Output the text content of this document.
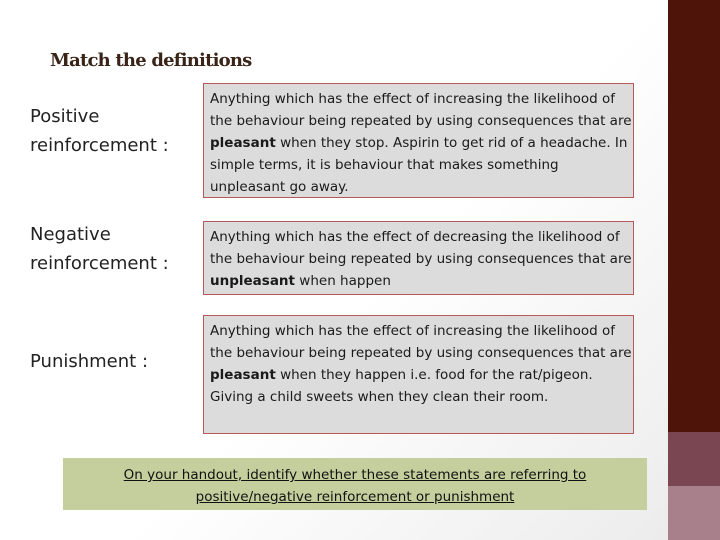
Match the definitions
Positive
reinforcement :
Negative
reinforcement :
Punishment :
Anything which has the effect of increasing the likelihood of the behaviour being repeated by using consequences that are pleasant when they stop. Aspirin to get rid of a headache. In simple terms, it is behaviour that makes something unpleasant go away.
Anything which has the effect of decreasing the likelihood of the behaviour being repeated by using consequences that are unpleasant when happen
Anything which has the effect of increasing the likelihood of the behaviour being repeated by using consequences that are pleasant when they happen i.e. food for the rat/pigeon. Giving a child sweets when they clean their room.
On your handout, identify whether these statements are referring to
positive/negative reinforcement or punishment
